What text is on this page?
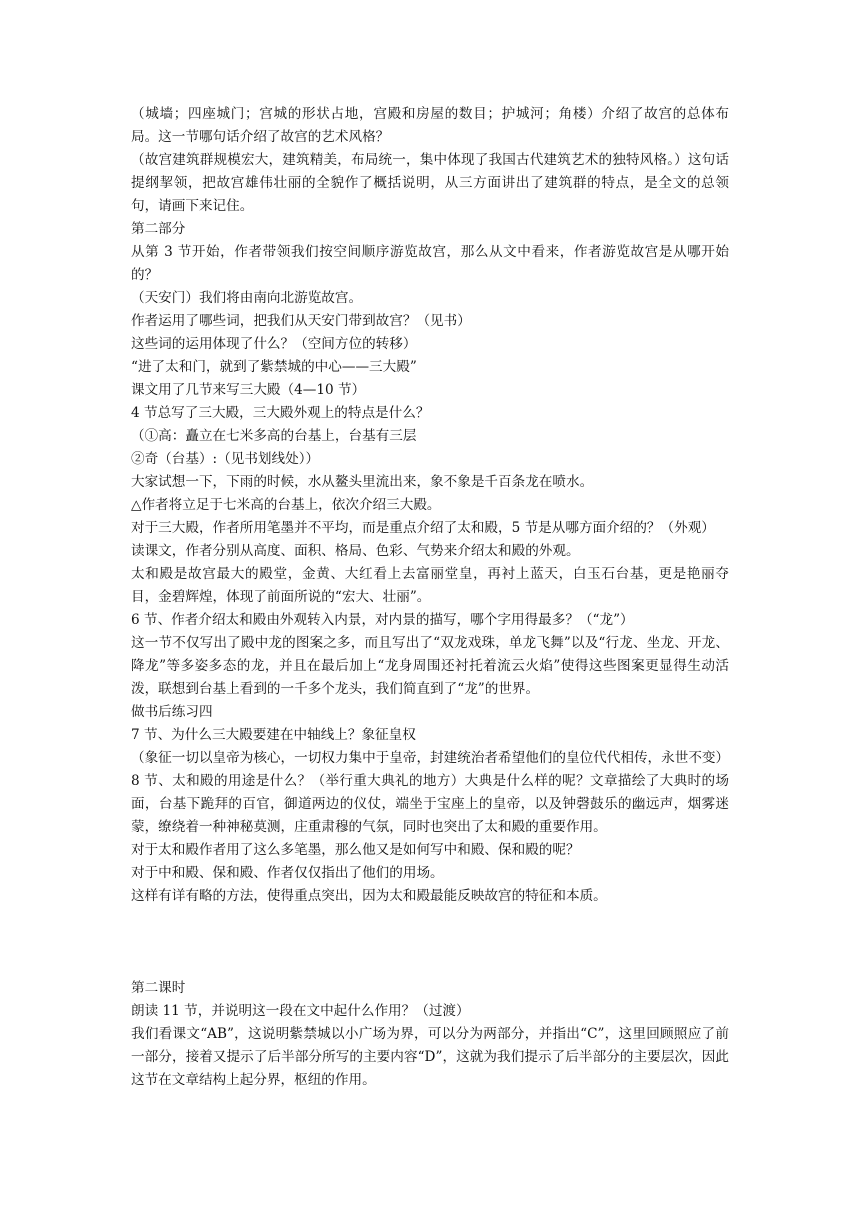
（城墙；四座城门；宫城的形状占地，宫殿和房屋的数目；护城河；角楼）介绍了故宫的总体布局。这一节哪句话介绍了故宫的艺术风格？

（故宫建筑群规模宏大，建筑精美，布局统一，集中体现了我国古代建筑艺术的独特风格。）这句话提纲挈领，把故宫雄伟壮丽的全貌作了概括说明，从三方面讲出了建筑群的特点，是全文的总领句，请画下来记住。

第二部分

从第 3 节开始，作者带领我们按空间顺序游览故宫，那么从文中看来，作者游览故宫是从哪开始的？

（天安门）我们将由南向北游览故宫。

作者运用了哪些词，把我们从天安门带到故宫？（见书）

这些词的运用体现了什么？（空间方位的转移）

“进了太和门，就到了紫禁城的中心——三大殿”

课文用了几节来写三大殿（4—10 节）

4 节总写了三大殿，三大殿外观上的特点是什么？

（①高：矗立在七米多高的台基上，台基有三层

②奇（台基）:（见书划线处））

大家试想一下，下雨的时候，水从鳌头里流出来，象不象是千百条龙在喷水。

△作者将立足于七米高的台基上，依次介绍三大殿。

对于三大殿，作者所用笔墨并不平均，而是重点介绍了太和殿，5 节是从哪方面介绍的？（外观）

读课文，作者分别从高度、面积、格局、色彩、气势来介绍太和殿的外观。

太和殿是故宫最大的殿堂，金黄、大红看上去富丽堂皇，再衬上蓝天，白玉石台基，更是艳丽夺目，金碧辉煌，体现了前面所说的“宏大、壮丽”。

6 节、作者介绍太和殿由外观转入内景，对内景的描写，哪个字用得最多？（“龙”）

这一节不仅写出了殿中龙的图案之多，而且写出了“双龙戏珠，单龙飞舞”以及“行龙、坐龙、开龙、降龙”等多姿多态的龙，并且在最后加上“龙身周围还衬托着流云火焰”使得这些图案更显得生动活泼，联想到台基上看到的一千多个龙头，我们简直到了“龙”的世界。

做书后练习四

7 节、为什么三大殿要建在中轴线上？象征皇权

（象征一切以皇帝为核心，一切权力集中于皇帝，封建统治者希望他们的皇位代代相传，永世不变）

8 节、太和殿的用途是什么？（举行重大典礼的地方）大典是什么样的呢？文章描绘了大典时的场面，台基下跪拜的百官，御道两边的仪仗，端坐于宝座上的皇帝，以及钟磬鼓乐的幽远声，烟雾迷蒙，缭绕着一种神秘莫测，庄重肃穆的气氛，同时也突出了太和殿的重要作用。

对于太和殿作者用了这么多笔墨，那么他又是如何写中和殿、保和殿的呢？

对于中和殿、保和殿、作者仅仅指出了他们的用场。

这样有详有略的方法，使得重点突出，因为太和殿最能反映故宫的特征和本质。

第二课时

朗读 11 节，并说明这一段在文中起什么作用？（过渡）

我们看课文“AB”，这说明紫禁城以小广场为界，可以分为两部分，并指出“C”，这里回顾照应了前一部分，接着又提示了后半部分所写的主要内容“D”，这就为我们提示了后半部分的主要层次，因此这节在文章结构上起分界，枢纽的作用。
